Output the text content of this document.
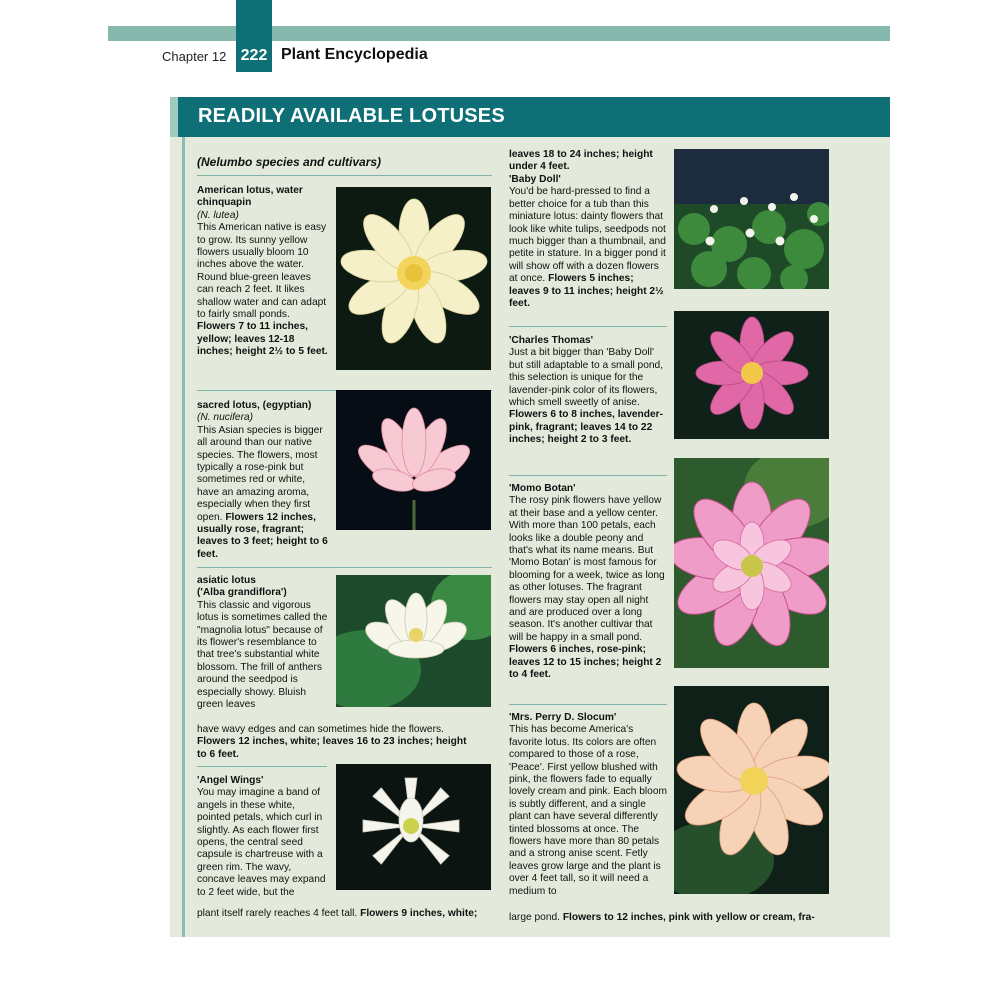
222
Chapter 12	Plant Encyclopedia
READILY AVAILABLE LOTUSES
(Nelumbo species and cultivars)
American lotus, water chinquapin
(N. lutea)
This American native is easy to grow. Its sunny yellow flowers usually bloom 10 inches above the water. Round blue-green leaves can reach 2 feet. It likes shallow water and can adapt to fairly small ponds. Flowers 7 to 11 inches, yellow; leaves 12-18 inches; height 2½ to 5 feet.
sacred lotus, (egyptian)
(N. nucifera)
This Asian species is bigger all around than our native species. The flowers, most typically a rose-pink but sometimes red or white, have an amazing aroma, especially when they first open. Flowers 12 inches, usually rose, fragrant; leaves to 3 feet; height to 6 feet.
asiatic lotus
('Alba grandiflora')
This classic and vigorous lotus is sometimes called the "magnolia lotus" because of its flower's resemblance to that tree's substantial white blossom. The frill of anthers around the seedpod is especially showy. Bluish green leaves
have wavy edges and can sometimes hide the flowers. Flowers 12 inches, white; leaves 16 to 23 inches; height to 6 feet.
'Angel Wings'
You may imagine a band of angels in these white, pointed petals, which curl in slightly. As each flower first opens, the central seed capsule is chartreuse with a green rim. The wavy, concave leaves may expand to 2 feet wide, but the
plant itself rarely reaches 4 feet tall. Flowers 9 inches, white;
leaves 18 to 24 inches; height under 4 feet.
'Baby Doll'
You'd be hard-pressed to find a better choice for a tub than this miniature lotus: dainty flowers that look like white tulips, seedpods not much bigger than a thumbnail, and petite in stature. In a bigger pond it will show off with a dozen flowers at once. Flowers 5 inches; leaves 9 to 11 inches; height 2½ feet.
'Charles Thomas'
Just a bit bigger than 'Baby Doll' but still adaptable to a small pond, this selection is unique for the lavender-pink color of its flowers, which smell sweetly of anise. Flowers 6 to 8 inches, lavender-pink, fragrant; leaves 14 to 22 inches; height 2 to 3 feet.
'Momo Botan'
The rosy pink flowers have yellow at their base and a yellow center. With more than 100 petals, each looks like a double peony and that's what its name means. But 'Momo Botan' is most famous for blooming for a week, twice as long as other lotuses. The fragrant flowers may stay open all night and are produced over a long season. It's another cultivar that will be happy in a small pond. Flowers 6 inches, rose-pink; leaves 12 to 15 inches; height 2 to 4 feet.
'Mrs. Perry D. Slocum'
This has become America's favorite lotus. Its colors are often compared to those of a rose, 'Peace'. First yellow blushed with pink, the flowers fade to equally lovely cream and pink. Each bloom is subtly different, and a single plant can have several differently tinted blossoms at once. The flowers have more than 80 petals and a strong anise scent. Fetly leaves grow large and the plant is over 4 feet tall, so it will need a medium to
large pond. Flowers to 12 inches, pink with yellow or cream, fra-
